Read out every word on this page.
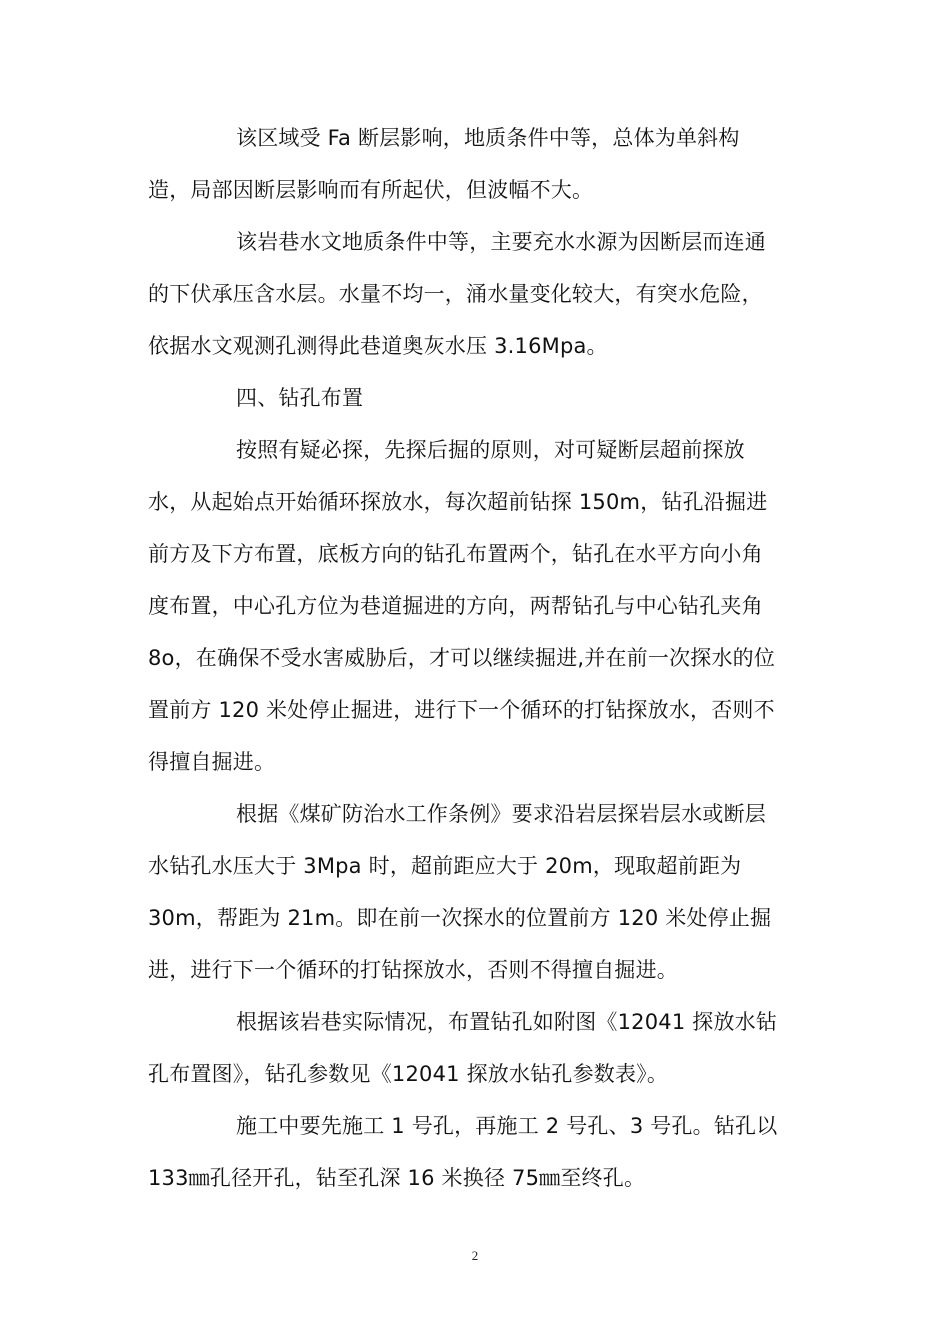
该区域受 Fa 断层影响，地质条件中等，总体为单斜构
造，局部因断层影响而有所起伏，但波幅不大。
该岩巷水文地质条件中等，主要充水水源为因断层而连通
的下伏承压含水层。水量不均一，涌水量变化较大，有突水危险，
依据水文观测孔测得此巷道奥灰水压 3.16Mpa。
四、钻孔布置
按照有疑必探，先探后掘的原则，对可疑断层超前探放
水，从起始点开始循环探放水，每次超前钻探 150m，钻孔沿掘进
前方及下方布置，底板方向的钻孔布置两个，钻孔在水平方向小角
度布置，中心孔方位为巷道掘进的方向，两帮钻孔与中心钻孔夹角
8o，在确保不受水害威胁后，才可以继续掘进,并在前一次探水的位
置前方 120 米处停止掘进，进行下一个循环的打钻探放水，否则不
得擅自掘进。
根据《煤矿防治水工作条例》要求沿岩层探岩层水或断层
水钻孔水压大于 3Mpa 时，超前距应大于 20m，现取超前距为
30m，帮距为 21m。即在前一次探水的位置前方 120 米处停止掘
进，进行下一个循环的打钻探放水，否则不得擅自掘进。
根据该岩巷实际情况，布置钻孔如附图《12041 探放水钻
孔布置图》，钻孔参数见《12041 探放水钻孔参数表》。
施工中要先施工 1 号孔，再施工 2 号孔、3 号孔。钻孔以
133㎜孔径开孔，钻至孔深 16 米换径 75㎜至终孔。
2
